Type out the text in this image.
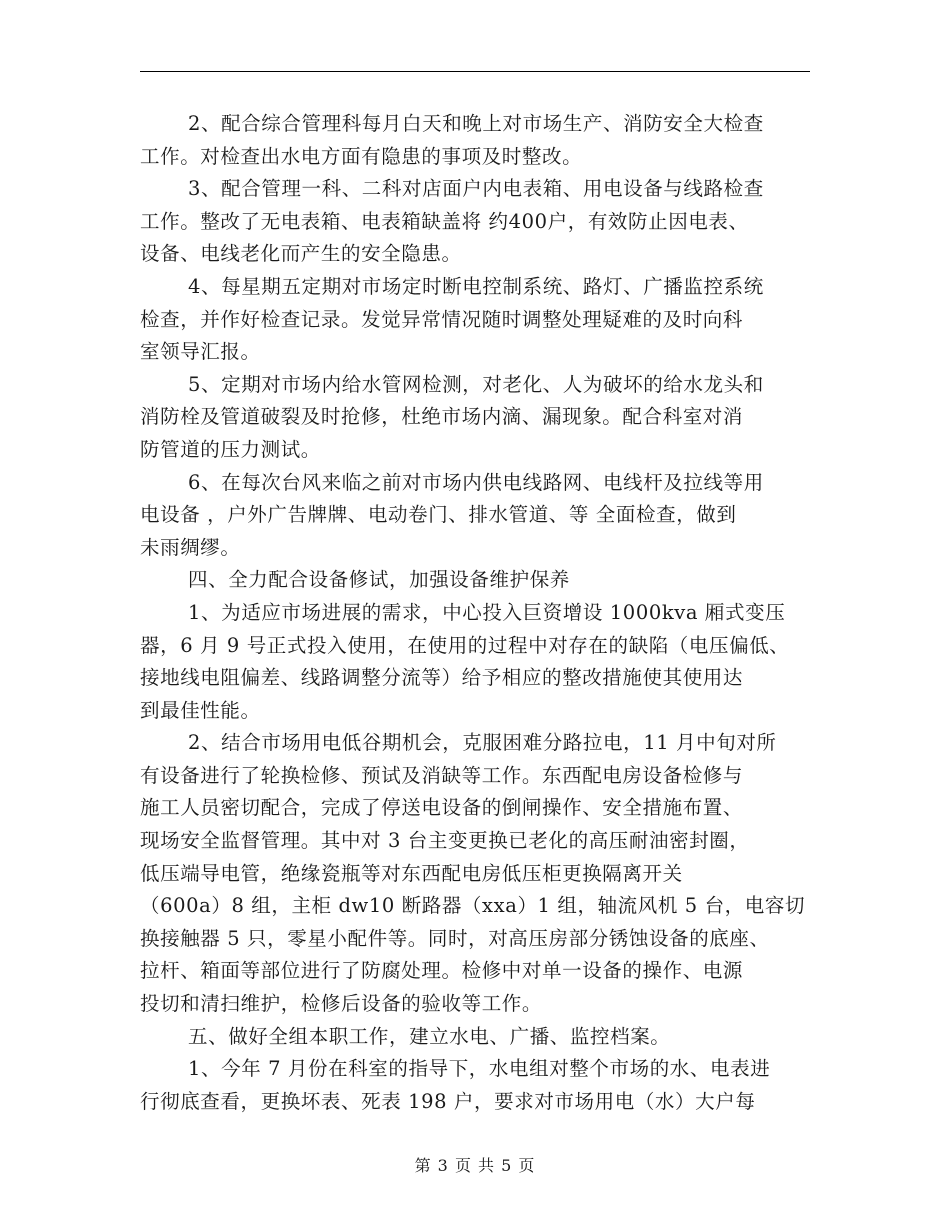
2、配合综合管理科每月白天和晚上对市场生产、消防安全大检查
工作。对检查出水电方面有隐患的事项及时整改。
3、配合管理一科、二科对店面户内电表箱、用电设备与线路检查
工作。整改了无电表箱、电表箱缺盖将 约400户，有效防止因电表、
设备、电线老化而产生的安全隐患。
4、每星期五定期对市场定时断电控制系统、路灯、广播监控系统
检查，并作好检查记录。发觉异常情况随时调整处理疑难的及时向科
室领导汇报。
5、定期对市场内给水管网检测，对老化、人为破坏的给水龙头和
消防栓及管道破裂及时抢修，杜绝市场内滴、漏现象。配合科室对消
防管道的压力测试。
6、在每次台风来临之前对市场内供电线路网、电线杆及拉线等用
电设备 ，户外广告牌牌、电动卷门、排水管道、等 全面检查，做到
未雨绸缪。
四、全力配合设备修试，加强设备维护保养
1、为适应市场进展的需求，中心投入巨资增设 1000kva 厢式变压
器，6 月 9 号正式投入使用，在使用的过程中对存在的缺陷（电压偏低、
接地线电阻偏差、线路调整分流等）给予相应的整改措施使其使用达
到最佳性能。
2、结合市场用电低谷期机会，克服困难分路拉电，11 月中旬对所
有设备进行了轮换检修、预试及消缺等工作。东西配电房设备检修与
施工人员密切配合，完成了停送电设备的倒闸操作、安全措施布置、
现场安全监督管理。其中对 3 台主变更换已老化的高压耐油密封圈，
低压端导电管，绝缘瓷瓶等对东西配电房低压柜更换隔离开关
（600a）8 组，主柜 dw10 断路器（xxa）1 组，轴流风机 5 台，电容切
换接触器 5 只，零星小配件等。同时，对高压房部分锈蚀设备的底座、
拉杆、箱面等部位进行了防腐处理。检修中对单一设备的操作、电源
投切和清扫维护，检修后设备的验收等工作。
五、做好全组本职工作，建立水电、广播、监控档案。
1、今年 7 月份在科室的指导下，水电组对整个市场的水、电表进
行彻底查看，更换坏表、死表 198 户，要求对市场用电（水）大户每
第 3 页 共 5 页
